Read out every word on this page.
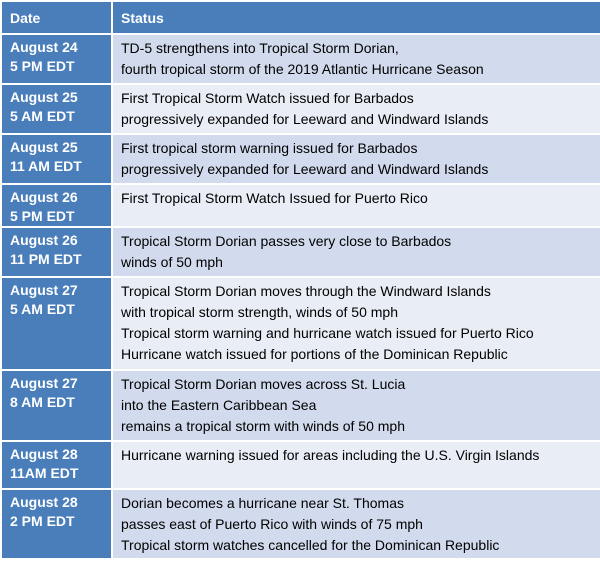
Date	Status

August 24
5 PM EDT	TD-5 strengthens into Tropical Storm Dorian,
fourth tropical storm of the 2019 Atlantic Hurricane Season

August 25
5 AM EDT	First Tropical Storm Watch issued for Barbados
progressively expanded for Leeward and Windward Islands

August 25
11 AM EDT	First tropical storm warning issued for Barbados
progressively expanded for Leeward and Windward Islands

August 26
5 PM EDT	First Tropical Storm Watch Issued for Puerto Rico

August 26
11 PM EDT	Tropical Storm Dorian passes very close to Barbados
winds of 50 mph

August 27
5 AM EDT	Tropical Storm Dorian moves through the Windward Islands
with tropical storm strength, winds of 50 mph
Tropical storm warning and hurricane watch issued for Puerto Rico
Hurricane watch issued for portions of the Dominican Republic

August 27
8 AM EDT	Tropical Storm Dorian moves across St. Lucia
into the Eastern Caribbean Sea
remains a tropical storm with winds of 50 mph

August 28
11AM EDT	Hurricane warning issued for areas including the U.S. Virgin Islands

August 28
2 PM EDT	Dorian becomes a hurricane near St. Thomas
passes east of Puerto Rico with winds of 75 mph
Tropical storm watches cancelled for the Dominican Republic
